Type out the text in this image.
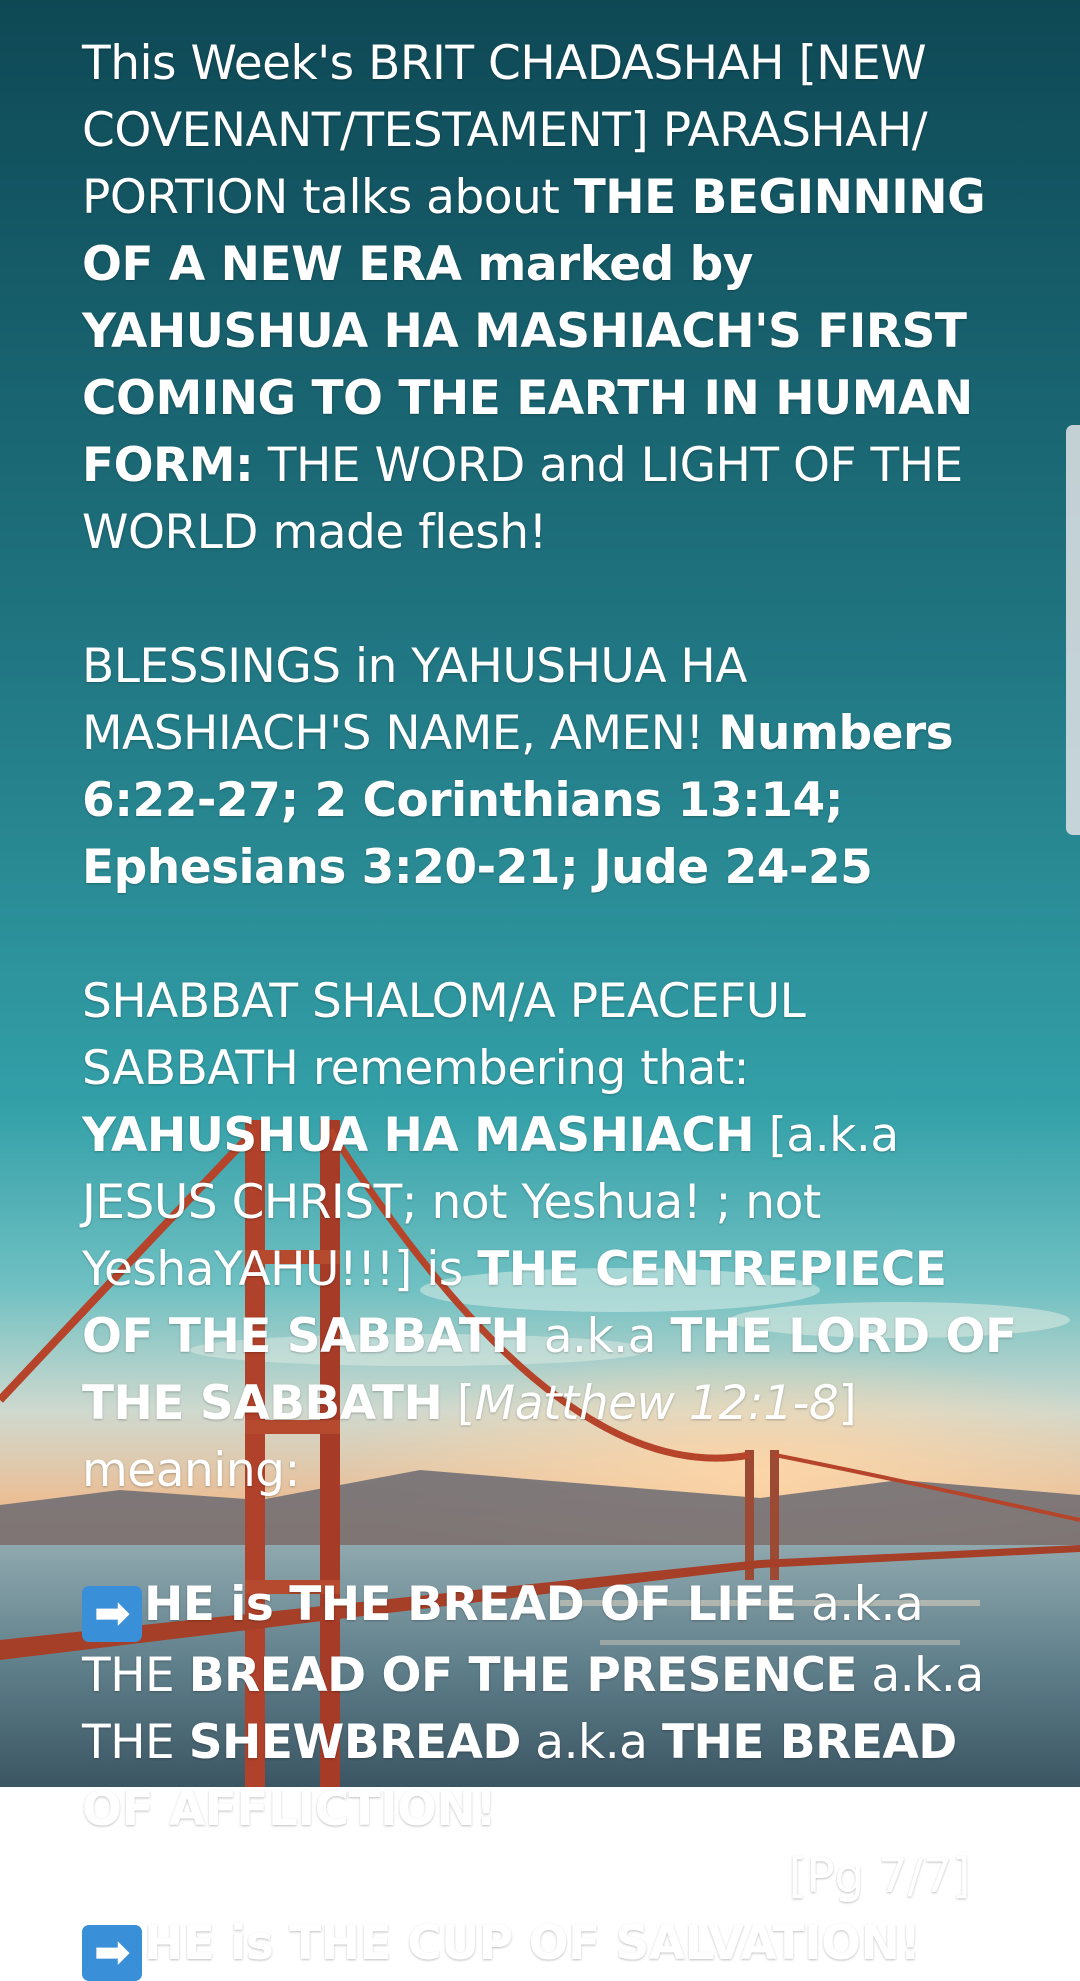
This Week's BRIT CHADASHAH [NEW COVENANT/TESTAMENT] PARASHAH/ PORTION talks about THE BEGINNING OF A NEW ERA marked by YAHUSHUA HA MASHIACH'S FIRST COMING TO THE EARTH IN HUMAN FORM: THE WORD and LIGHT OF THE WORLD made flesh!

BLESSINGS in YAHUSHUA HA MASHIACH'S NAME, AMEN! Numbers 6:22-27; 2 Corinthians 13:14; Ephesians 3:20-21; Jude 24-25

SHABBAT SHALOM/A PEACEFUL SABBATH remembering that: YAHUSHUA HA MASHIACH [a.k.a JESUS CHRIST; not Yeshua! ; not YeshaYAHU!!!] is THE CENTREPIECE OF THE SABBATH a.k.a THE LORD OF THE SABBATH [Matthew 12:1-8] meaning:

➡ HE is THE BREAD OF LIFE a.k.a THE BREAD OF THE PRESENCE a.k.a THE SHEWBREAD a.k.a THE BREAD OF AFFLICTION!

[Pg 7/7]

➡ HE is THE CUP OF SALVATION!
